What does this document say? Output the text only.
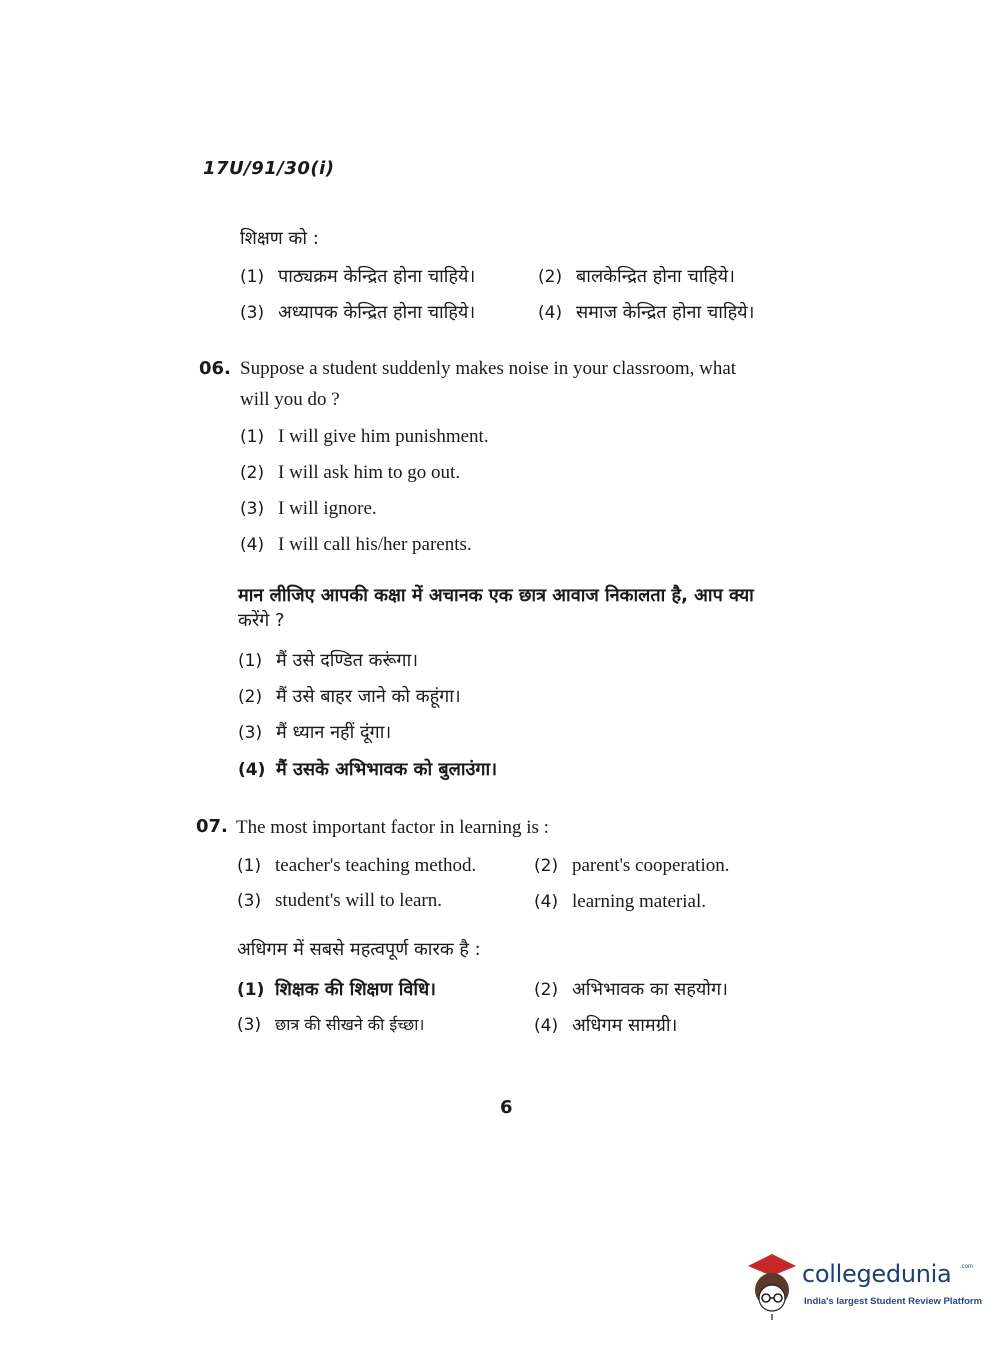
17U/91/30(i)
शिक्षण को :
(1) पाठ्यक्रम केन्द्रित होना चाहिये।	(2) बालकेन्द्रित होना चाहिये।
(3) अध्यापक केन्द्रित होना चाहिये।	(4) समाज केन्द्रित होना चाहिये।
06. Suppose a student suddenly makes noise in your classroom, what
will you do ?
(1) I will give him punishment.
(2) I will ask him to go out.
(3) I will ignore.
(4) I will call his/her parents.
मान लीजिए आपकी कक्षा में अचानक एक छात्र आवाज निकालता है, आप क्या
करेंगे ?
(1) मैं उसे दण्डित करूंगा।
(2) मैं उसे बाहर जाने को कहूंगा।
(3) मैं ध्यान नहीं दूंगा।
(4) मैं उसके अभिभावक को बुलाउंगा।
07. The most important factor in learning is :
(1) teacher's teaching method.	(2) parent's cooperation.
(3) student's will to learn.	(4) learning material.
अधिगम में सबसे महत्वपूर्ण कारक है :
(1) शिक्षक की शिक्षण विधि।	(2) अभिभावक का सहयोग।
(3) छात्र की सीखने की ईच्छा।	(4) अधिगम सामग्री।
6
collegedunia .com
India's largest Student Review Platform
